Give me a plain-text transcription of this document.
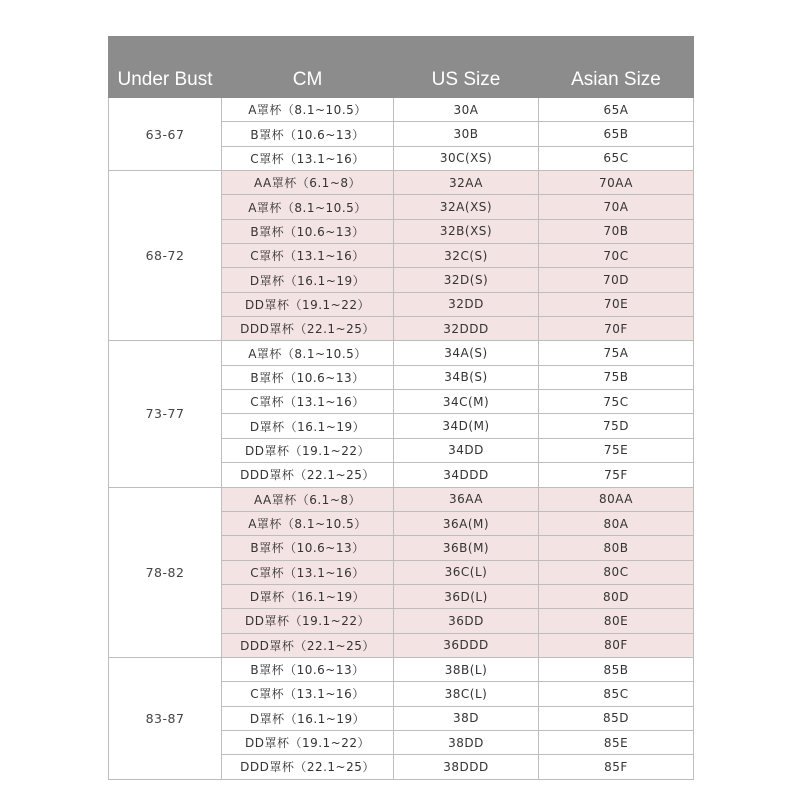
Under Bust	CM	US Size	Asian Size
63-67	A罩杯（8.1~10.5）	30A	65A
	B罩杯（10.6~13）	30B	65B
	C罩杯（13.1~16）	30C(XS)	65C
68-72	AA罩杯（6.1~8）	32AA	70AA
	A罩杯（8.1~10.5）	32A(XS)	70A
	B罩杯（10.6~13）	32B(XS)	70B
	C罩杯（13.1~16）	32C(S)	70C
	D罩杯（16.1~19）	32D(S)	70D
	DD罩杯（19.1~22）	32DD	70E
	DDD罩杯（22.1~25）	32DDD	70F
73-77	A罩杯（8.1~10.5）	34A(S)	75A
	B罩杯（10.6~13）	34B(S)	75B
	C罩杯（13.1~16）	34C(M)	75C
	D罩杯（16.1~19）	34D(M)	75D
	DD罩杯（19.1~22）	34DD	75E
	DDD罩杯（22.1~25）	34DDD	75F
78-82	AA罩杯（6.1~8）	36AA	80AA
	A罩杯（8.1~10.5）	36A(M)	80A
	B罩杯（10.6~13）	36B(M)	80B
	C罩杯（13.1~16）	36C(L)	80C
	D罩杯（16.1~19）	36D(L)	80D
	DD罩杯（19.1~22）	36DD	80E
	DDD罩杯（22.1~25）	36DDD	80F
83-87	B罩杯（10.6~13）	38B(L)	85B
	C罩杯（13.1~16）	38C(L)	85C
	D罩杯（16.1~19）	38D	85D
	DD罩杯（19.1~22）	38DD	85E
	DDD罩杯（22.1~25）	38DDD	85F
